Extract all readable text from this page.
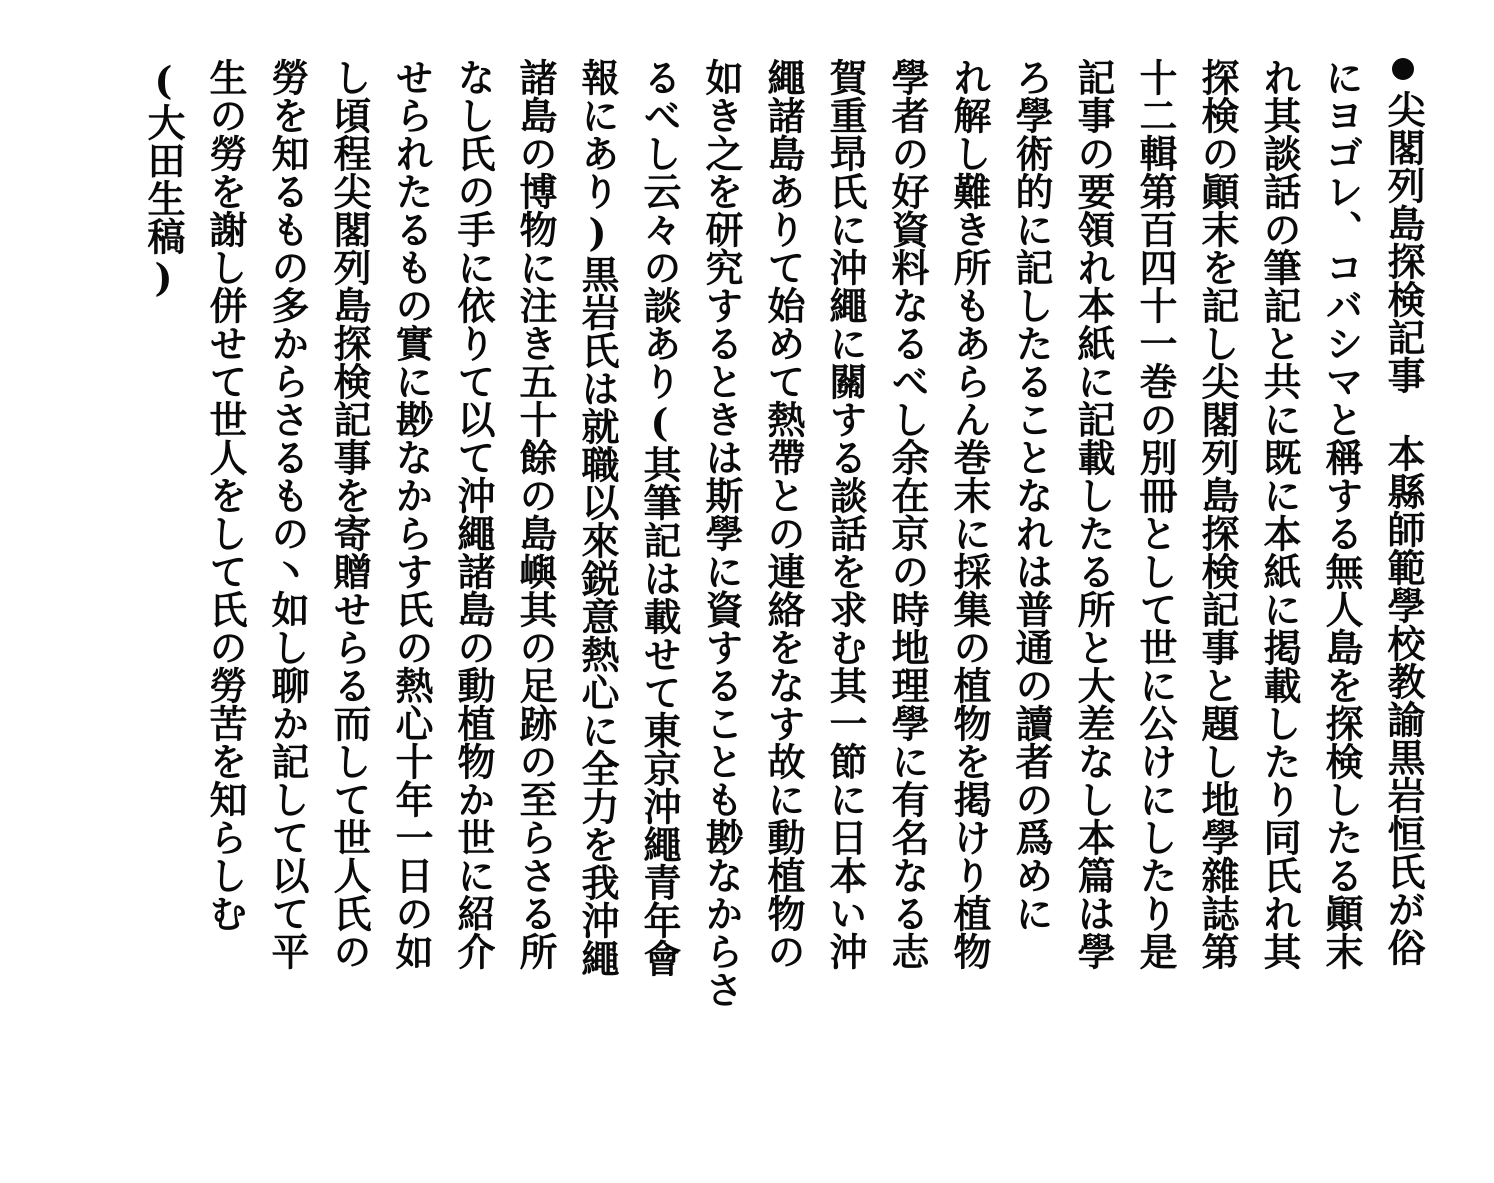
尖閣列島探検記事本縣師範學校教諭黒岩恒氏が俗
にヨゴレ、コバシマと稱する無人島を探検したる顚末
れ其談話の筆記と共に既に本紙に掲載したり同氏れ其
探検の顚末を記し尖閣列島探検記事と題し地學雜誌第
十二輯第百四十一巻の別冊として世に公けにしたり是
記事の要領れ本紙に記載したる所と大差なし本篇は學
ろ學術的に記したることなれは普通の讀者の爲めに
れ解し難き所もあらん巻末に採集の植物を掲けり植物
學者の好資料なるべし余在京の時地理學に有名なる志
賀重昻氏に沖繩に關する談話を求む其一節に日本い沖
繩諸島ありて始めて熱帶との連絡をなす故に動植物の
如き之を研究するときは斯學に資することも尠なからさ
るべし云々の談あり(其筆記は載せて東京沖繩青年會
報にあり)黒岩氏は就職以來鋭意熱心に全力を我沖繩
諸島の博物に注き五十餘の島嶼其の足跡の至らさる所
なし氏の手に依りて以て沖繩諸島の動植物か世に紹介
せられたるもの實に尠なからす氏の熱心十年一日の如
し頃程尖閣列島探検記事を寄贈せらる而して世人氏の
勞を知るもの多からさるもの丶如し聊か記して以て平
生の勞を謝し併せて世人をして氏の勞苦を知らしむ
(大田生稿)
